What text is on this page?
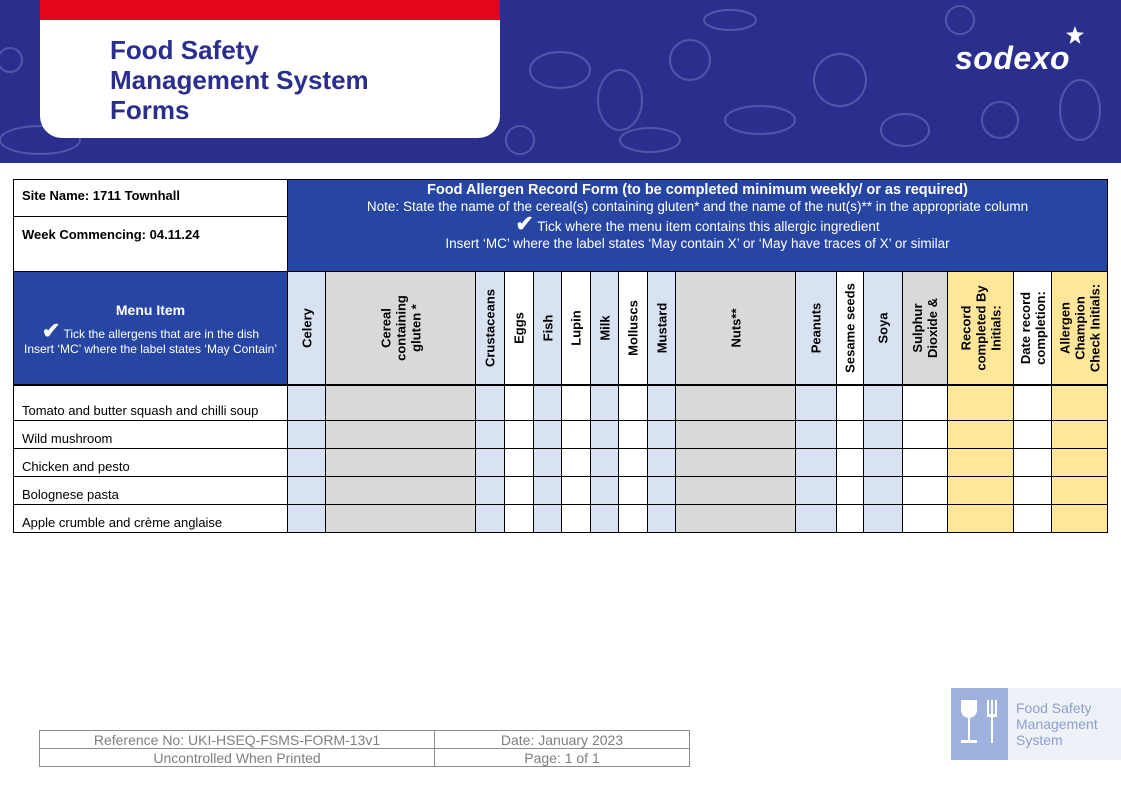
Food Safety
Management System
Forms
sodexo
Site Name: 1711 Townhall	Food Allergen Record Form (to be completed minimum weekly/ or as required)
Note: State the name of the cereal(s) containing gluten* and the name of the nut(s)** in the appropriate column
✔ Tick where the menu item contains this allergic ingredient
Insert ‘MC’ where the label states ‘May contain X’ or ‘May have traces of X’ or similar																

Week Commencing: 04.11.24																	

Menu Item
✔ Tick the allergens that are in the dish
Insert ‘MC’ where the label states ‘May Contain’	Celery	Cereal containing gluten *	Crustaceans	Eggs	Fish	Lupin	Milk	Molluscs	Mustard	Nuts**	Peanuts	Sesame seeds	Soya	Sulphur Dioxide &	Record completed By Initials:	Date record completion:	Allergen Champion Check Initials:
Tomato and butter squash and chilli soup																	
Wild mushroom																	
Chicken and pesto																	
Bolognese pasta																	
Apple crumble and crème anglaise																	
Reference No: UKI-HSEQ-FSMS-FORM-13v1	Date: January 2023
Uncontrolled When Printed	Page: 1 of 1
Food Safety
Management
System
